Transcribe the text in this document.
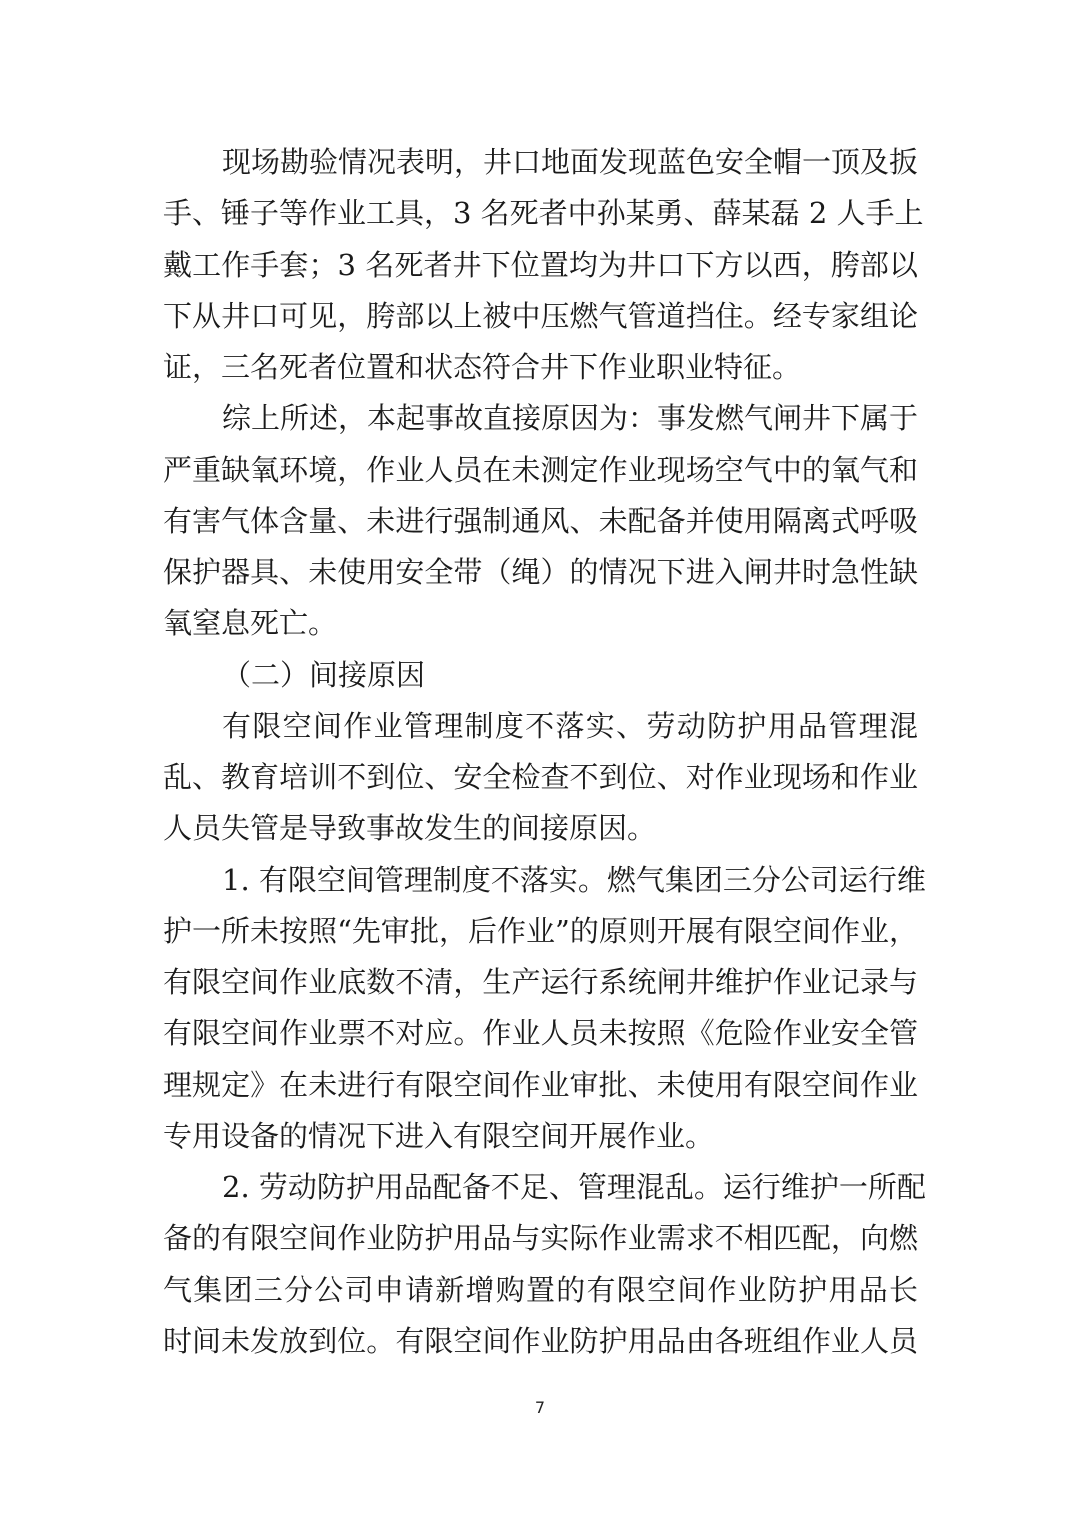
现场勘验情况表明，井口地面发现蓝色安全帽一顶及扳
手、锤子等作业工具，3 名死者中孙某勇、薛某磊 2 人手上
戴工作手套；3 名死者井下位置均为井口下方以西，胯部以
下从井口可见，胯部以上被中压燃气管道挡住。经专家组论
证，三名死者位置和状态符合井下作业职业特征。
综上所述，本起事故直接原因为：事发燃气闸井下属于
严重缺氧环境，作业人员在未测定作业现场空气中的氧气和
有害气体含量、未进行强制通风、未配备并使用隔离式呼吸
保护器具、未使用安全带（绳）的情况下进入闸井时急性缺
氧窒息死亡。
（二）间接原因
有限空间作业管理制度不落实、劳动防护用品管理混
乱、教育培训不到位、安全检查不到位、对作业现场和作业
人员失管是导致事故发生的间接原因。
1. 有限空间管理制度不落实。燃气集团三分公司运行维
护一所未按照“先审批，后作业”的原则开展有限空间作业，
有限空间作业底数不清，生产运行系统闸井维护作业记录与
有限空间作业票不对应。作业人员未按照《危险作业安全管
理规定》在未进行有限空间作业审批、未使用有限空间作业
专用设备的情况下进入有限空间开展作业。
2. 劳动防护用品配备不足、管理混乱。运行维护一所配
备的有限空间作业防护用品与实际作业需求不相匹配，向燃
气集团三分公司申请新增购置的有限空间作业防护用品长
时间未发放到位。有限空间作业防护用品由各班组作业人员
7
